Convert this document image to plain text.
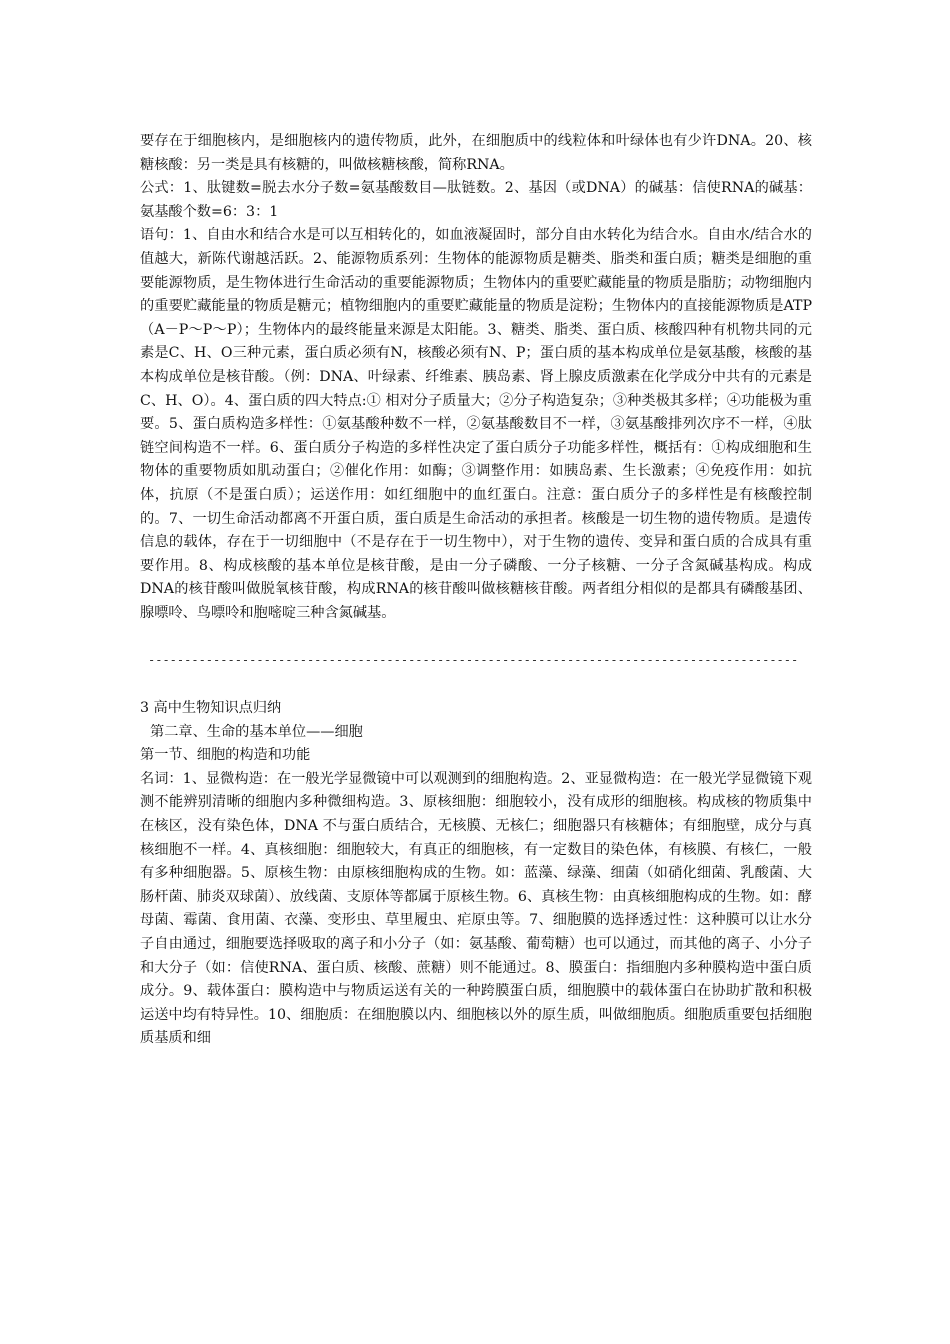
要存在于细胞核内，是细胞核内的遗传物质，此外，在细胞质中的线粒体和叶绿体也有少许DNA。20、核糖核酸：另一类是具有核糖的，叫做核糖核酸，简称RNA。

公式：1、肽键数=脱去水分子数=氨基酸数目—肽链数。2、基因（或DNA）的碱基：信使RNA的碱基：氨基酸个数=6：3：1

语句：1、自由水和结合水是可以互相转化的，如血液凝固时，部分自由水转化为结合水。自由水/结合水的值越大，新陈代谢越活跃。2、能源物质系列：生物体的能源物质是糖类、脂类和蛋白质；糖类是细胞的重要能源物质，是生物体进行生命活动的重要能源物质；生物体内的重要贮藏能量的物质是脂肪；动物细胞内的重要贮藏能量的物质是糖元；植物细胞内的重要贮藏能量的物质是淀粉；生物体内的直接能源物质是ATP（A－P～P～P）；生物体内的最终能量来源是太阳能。3、糖类、脂类、蛋白质、核酸四种有机物共同的元素是C、H、O三种元素，蛋白质必须有N，核酸必须有N、P；蛋白质的基本构成单位是氨基酸，核酸的基本构成单位是核苷酸。（例：DNA、叶绿素、纤维素、胰岛素、肾上腺皮质激素在化学成分中共有的元素是C、H、O）。4、蛋白质的四大特点:① 相对分子质量大；②分子构造复杂；③种类极其多样；④功能极为重要。5、蛋白质构造多样性：①氨基酸种数不一样，②氨基酸数目不一样，③氨基酸排列次序不一样，④肽链空间构造不一样。6、蛋白质分子构造的多样性决定了蛋白质分子功能多样性，概括有：①构成细胞和生物体的重要物质如肌动蛋白；②催化作用：如酶；③调整作用：如胰岛素、生长激素；④免疫作用：如抗体，抗原（不是蛋白质）；运送作用：如红细胞中的血红蛋白。注意：蛋白质分子的多样性是有核酸控制的。7、一切生命活动都离不开蛋白质，蛋白质是生命活动的承担者。核酸是一切生物的遗传物质。是遗传信息的载体，存在于一切细胞中（不是存在于一切生物中），对于生物的遗传、变异和蛋白质的合成具有重要作用。8、构成核酸的基本单位是核苷酸，是由一分子磷酸、一分子核糖、一分子含氮碱基构成。构成DNA的核苷酸叫做脱氧核苷酸，构成RNA的核苷酸叫做核糖核苷酸。两者组分相似的是都具有磷酸基团、腺嘌呤、鸟嘌呤和胞嘧啶三种含氮碱基。

------------------------------------------------------------------------------------------

3 高中生物知识点归纳

第二章、生命的基本单位——细胞

第一节、细胞的构造和功能

名词：1、显微构造：在一般光学显微镜中可以观测到的细胞构造。2、亚显微构造：在一般光学显微镜下观测不能辨别清晰的细胞内多种微细构造。3、原核细胞：细胞较小，没有成形的细胞核。构成核的物质集中在核区，没有染色体，DNA 不与蛋白质结合，无核膜、无核仁；细胞器只有核糖体；有细胞壁，成分与真核细胞不一样。4、真核细胞：细胞较大，有真正的细胞核，有一定数目的染色体，有核膜、有核仁，一般有多种细胞器。5、原核生物：由原核细胞构成的生物。如：蓝藻、绿藻、细菌（如硝化细菌、乳酸菌、大肠杆菌、肺炎双球菌）、放线菌、支原体等都属于原核生物。6、真核生物：由真核细胞构成的生物。如：酵母菌、霉菌、食用菌、衣藻、变形虫、草里履虫、疟原虫等。7、细胞膜的选择透过性：这种膜可以让水分子自由通过，细胞要选择吸取的离子和小分子（如：氨基酸、葡萄糖）也可以通过，而其他的离子、小分子和大分子（如：信使RNA、蛋白质、核酸、蔗糖）则不能通过。8、膜蛋白：指细胞内多种膜构造中蛋白质成分。9、载体蛋白：膜构造中与物质运送有关的一种跨膜蛋白质，细胞膜中的载体蛋白在协助扩散和积极运送中均有特异性。10、细胞质：在细胞膜以内、细胞核以外的原生质，叫做细胞质。细胞质重要包括细胞质基质和细
